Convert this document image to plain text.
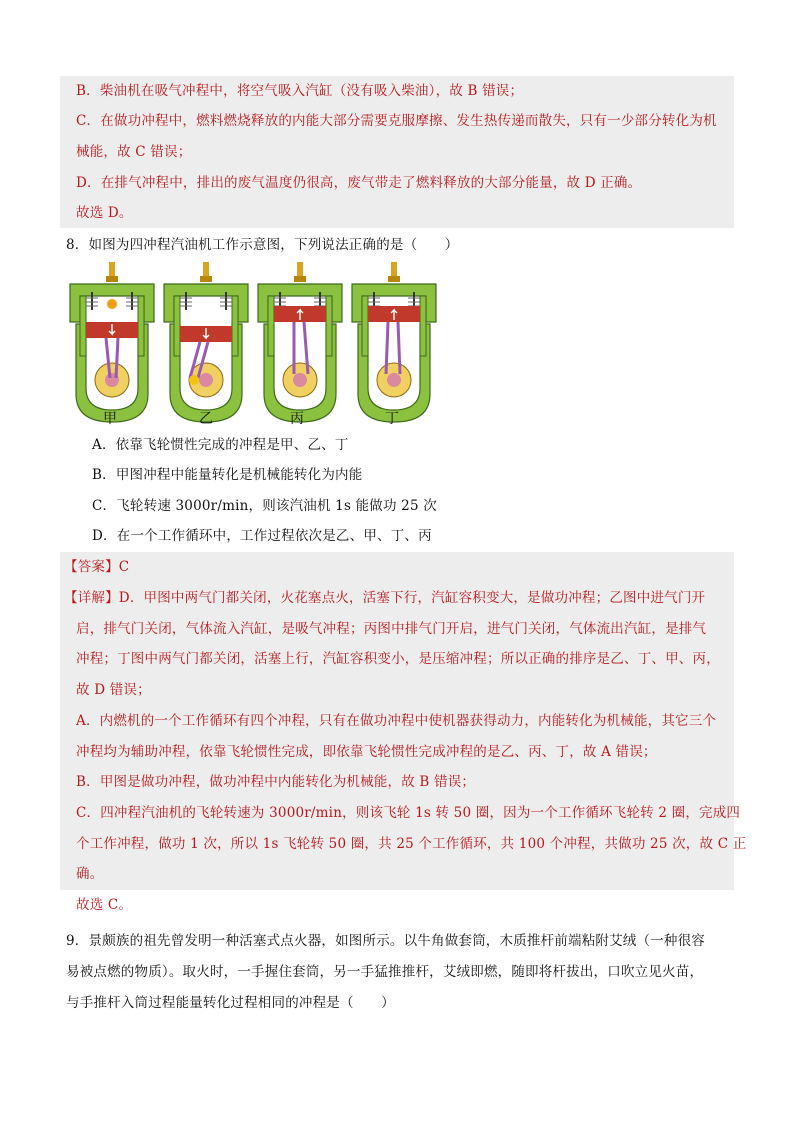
B．柴油机在吸气冲程中，将空气吸入汽缸（没有吸入柴油），故 B 错误；
C．在做功冲程中，燃料燃烧释放的内能大部分需要克服摩擦、发生热传递而散失，只有一少部分转化为机
械能，故 C 错误；
D．在排气冲程中，排出的废气温度仍很高，废气带走了燃料释放的大部分能量，故 D 正确。
故选 D。
8．如图为四冲程汽油机工作示意图，下列说法正确的是（　　）
甲	乙	丙	丁
A．依靠飞轮惯性完成的冲程是甲、乙、丁
B．甲图冲程中能量转化是机械能转化为内能
C．飞轮转速 3000r/min，则该汽油机 1s 能做功 25 次
D．在一个工作循环中，工作过程依次是乙、甲、丁、丙
【答案】C
【详解】D．甲图中两气门都关闭，火花塞点火，活塞下行，汽缸容积变大，是做功冲程；乙图中进气门开
启，排气门关闭，气体流入汽缸，是吸气冲程；丙图中排气门开启，进气门关闭，气体流出汽缸，是排气
冲程；丁图中两气门都关闭，活塞上行，汽缸容积变小，是压缩冲程；所以正确的排序是乙、丁、甲、丙，
故 D 错误；
A．内燃机的一个工作循环有四个冲程，只有在做功冲程中使机器获得动力，内能转化为机械能，其它三个
冲程均为辅助冲程，依靠飞轮惯性完成，即依靠飞轮惯性完成冲程的是乙、丙、丁，故 A 错误；
B．甲图是做功冲程，做功冲程中内能转化为机械能，故 B 错误；
C．四冲程汽油机的飞轮转速为 3000r/min，则该飞轮 1s 转 50 圈，因为一个工作循环飞轮转 2 圈，完成四
个工作冲程，做功 1 次，所以 1s 飞轮转 50 圈，共 25 个工作循环，共 100 个冲程，共做功 25 次，故 C 正
确。
故选 C。
9．景颇族的祖先曾发明一种活塞式点火器，如图所示。以牛角做套筒，木质推杆前端粘附艾绒（一种很容
易被点燃的物质）。取火时，一手握住套筒，另一手猛推推杆，艾绒即燃，随即将杆拔出，口吹立见火苗，
与手推杆入筒过程能量转化过程相同的冲程是（　　）
